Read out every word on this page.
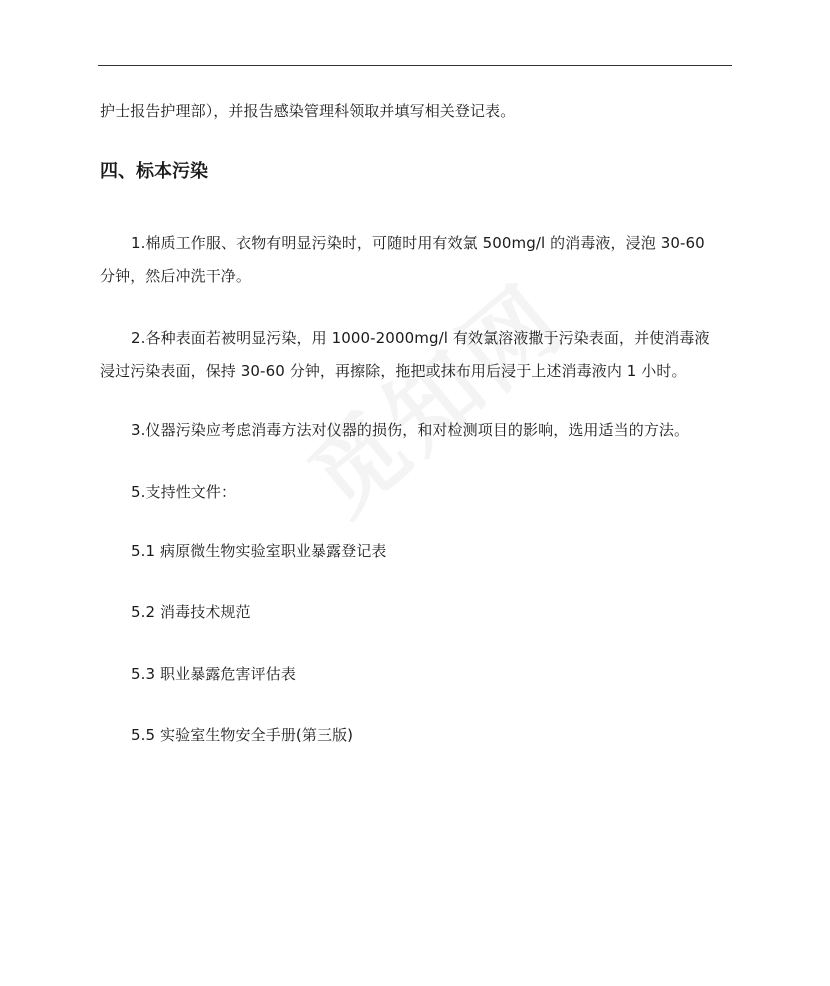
护士报告护理部），并报告感染管理科领取并填写相关登记表。
四、标本污染
1.棉质工作服、衣物有明显污染时，可随时用有效氯 500mg/l 的消毒液，浸泡 30-60
分钟，然后冲洗干净。
2.各种表面若被明显污染，用 1000-2000mg/l 有效氯溶液撒于污染表面，并使消毒液
浸过污染表面，保持 30-60 分钟，再擦除，拖把或抹布用后浸于上述消毒液内 1 小时。
3.仪器污染应考虑消毒方法对仪器的损伤，和对检测项目的影响，选用适当的方法。
5.支持性文件：
5.1 病原微生物实验室职业暴露登记表
5.2 消毒技术规范
5.3 职业暴露危害评估表
5.5 实验室生物安全手册(第三版)
